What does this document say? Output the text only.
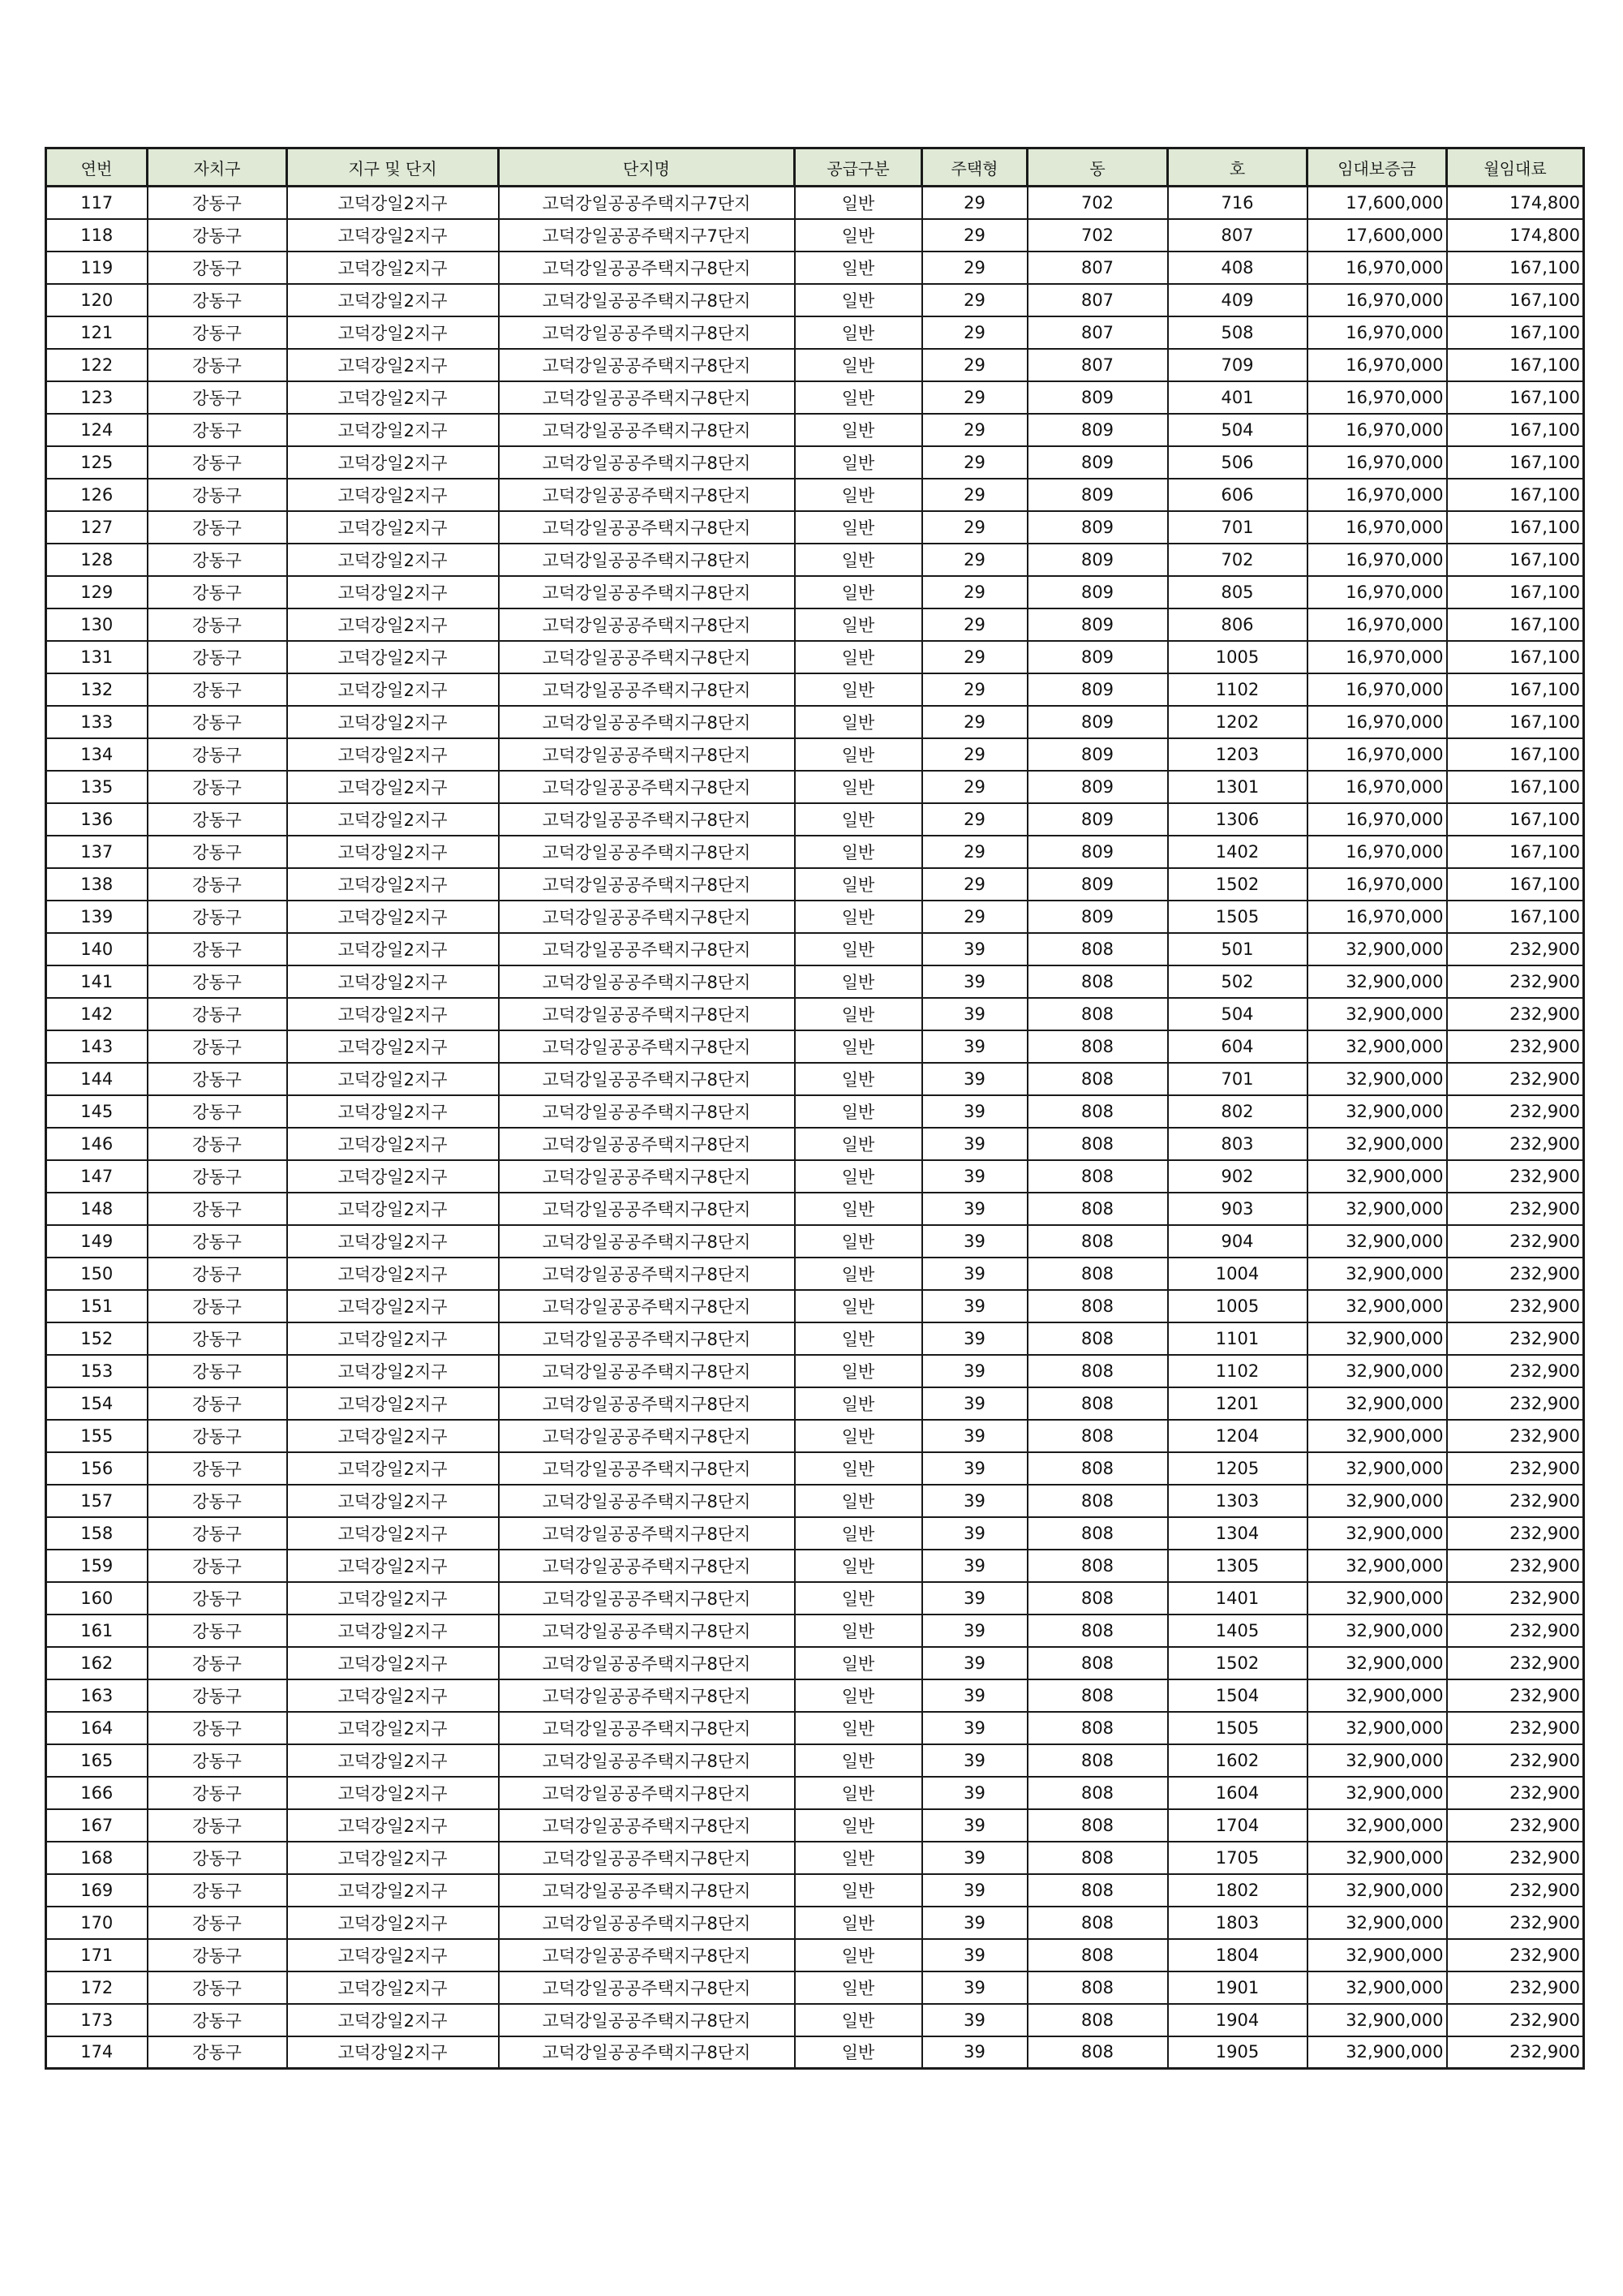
연번	자치구	지구 및 단지	단지명	공급구분	주택형	동	호	임대보증금	월임대료
117	강동구	고덕강일2지구	고덕강일공공주택지구7단지	일반	29	702	716	17,600,000	174,800
118	강동구	고덕강일2지구	고덕강일공공주택지구7단지	일반	29	702	807	17,600,000	174,800
119	강동구	고덕강일2지구	고덕강일공공주택지구8단지	일반	29	807	408	16,970,000	167,100
120	강동구	고덕강일2지구	고덕강일공공주택지구8단지	일반	29	807	409	16,970,000	167,100
121	강동구	고덕강일2지구	고덕강일공공주택지구8단지	일반	29	807	508	16,970,000	167,100
122	강동구	고덕강일2지구	고덕강일공공주택지구8단지	일반	29	807	709	16,970,000	167,100
123	강동구	고덕강일2지구	고덕강일공공주택지구8단지	일반	29	809	401	16,970,000	167,100
124	강동구	고덕강일2지구	고덕강일공공주택지구8단지	일반	29	809	504	16,970,000	167,100
125	강동구	고덕강일2지구	고덕강일공공주택지구8단지	일반	29	809	506	16,970,000	167,100
126	강동구	고덕강일2지구	고덕강일공공주택지구8단지	일반	29	809	606	16,970,000	167,100
127	강동구	고덕강일2지구	고덕강일공공주택지구8단지	일반	29	809	701	16,970,000	167,100
128	강동구	고덕강일2지구	고덕강일공공주택지구8단지	일반	29	809	702	16,970,000	167,100
129	강동구	고덕강일2지구	고덕강일공공주택지구8단지	일반	29	809	805	16,970,000	167,100
130	강동구	고덕강일2지구	고덕강일공공주택지구8단지	일반	29	809	806	16,970,000	167,100
131	강동구	고덕강일2지구	고덕강일공공주택지구8단지	일반	29	809	1005	16,970,000	167,100
132	강동구	고덕강일2지구	고덕강일공공주택지구8단지	일반	29	809	1102	16,970,000	167,100
133	강동구	고덕강일2지구	고덕강일공공주택지구8단지	일반	29	809	1202	16,970,000	167,100
134	강동구	고덕강일2지구	고덕강일공공주택지구8단지	일반	29	809	1203	16,970,000	167,100
135	강동구	고덕강일2지구	고덕강일공공주택지구8단지	일반	29	809	1301	16,970,000	167,100
136	강동구	고덕강일2지구	고덕강일공공주택지구8단지	일반	29	809	1306	16,970,000	167,100
137	강동구	고덕강일2지구	고덕강일공공주택지구8단지	일반	29	809	1402	16,970,000	167,100
138	강동구	고덕강일2지구	고덕강일공공주택지구8단지	일반	29	809	1502	16,970,000	167,100
139	강동구	고덕강일2지구	고덕강일공공주택지구8단지	일반	29	809	1505	16,970,000	167,100
140	강동구	고덕강일2지구	고덕강일공공주택지구8단지	일반	39	808	501	32,900,000	232,900
141	강동구	고덕강일2지구	고덕강일공공주택지구8단지	일반	39	808	502	32,900,000	232,900
142	강동구	고덕강일2지구	고덕강일공공주택지구8단지	일반	39	808	504	32,900,000	232,900
143	강동구	고덕강일2지구	고덕강일공공주택지구8단지	일반	39	808	604	32,900,000	232,900
144	강동구	고덕강일2지구	고덕강일공공주택지구8단지	일반	39	808	701	32,900,000	232,900
145	강동구	고덕강일2지구	고덕강일공공주택지구8단지	일반	39	808	802	32,900,000	232,900
146	강동구	고덕강일2지구	고덕강일공공주택지구8단지	일반	39	808	803	32,900,000	232,900
147	강동구	고덕강일2지구	고덕강일공공주택지구8단지	일반	39	808	902	32,900,000	232,900
148	강동구	고덕강일2지구	고덕강일공공주택지구8단지	일반	39	808	903	32,900,000	232,900
149	강동구	고덕강일2지구	고덕강일공공주택지구8단지	일반	39	808	904	32,900,000	232,900
150	강동구	고덕강일2지구	고덕강일공공주택지구8단지	일반	39	808	1004	32,900,000	232,900
151	강동구	고덕강일2지구	고덕강일공공주택지구8단지	일반	39	808	1005	32,900,000	232,900
152	강동구	고덕강일2지구	고덕강일공공주택지구8단지	일반	39	808	1101	32,900,000	232,900
153	강동구	고덕강일2지구	고덕강일공공주택지구8단지	일반	39	808	1102	32,900,000	232,900
154	강동구	고덕강일2지구	고덕강일공공주택지구8단지	일반	39	808	1201	32,900,000	232,900
155	강동구	고덕강일2지구	고덕강일공공주택지구8단지	일반	39	808	1204	32,900,000	232,900
156	강동구	고덕강일2지구	고덕강일공공주택지구8단지	일반	39	808	1205	32,900,000	232,900
157	강동구	고덕강일2지구	고덕강일공공주택지구8단지	일반	39	808	1303	32,900,000	232,900
158	강동구	고덕강일2지구	고덕강일공공주택지구8단지	일반	39	808	1304	32,900,000	232,900
159	강동구	고덕강일2지구	고덕강일공공주택지구8단지	일반	39	808	1305	32,900,000	232,900
160	강동구	고덕강일2지구	고덕강일공공주택지구8단지	일반	39	808	1401	32,900,000	232,900
161	강동구	고덕강일2지구	고덕강일공공주택지구8단지	일반	39	808	1405	32,900,000	232,900
162	강동구	고덕강일2지구	고덕강일공공주택지구8단지	일반	39	808	1502	32,900,000	232,900
163	강동구	고덕강일2지구	고덕강일공공주택지구8단지	일반	39	808	1504	32,900,000	232,900
164	강동구	고덕강일2지구	고덕강일공공주택지구8단지	일반	39	808	1505	32,900,000	232,900
165	강동구	고덕강일2지구	고덕강일공공주택지구8단지	일반	39	808	1602	32,900,000	232,900
166	강동구	고덕강일2지구	고덕강일공공주택지구8단지	일반	39	808	1604	32,900,000	232,900
167	강동구	고덕강일2지구	고덕강일공공주택지구8단지	일반	39	808	1704	32,900,000	232,900
168	강동구	고덕강일2지구	고덕강일공공주택지구8단지	일반	39	808	1705	32,900,000	232,900
169	강동구	고덕강일2지구	고덕강일공공주택지구8단지	일반	39	808	1802	32,900,000	232,900
170	강동구	고덕강일2지구	고덕강일공공주택지구8단지	일반	39	808	1803	32,900,000	232,900
171	강동구	고덕강일2지구	고덕강일공공주택지구8단지	일반	39	808	1804	32,900,000	232,900
172	강동구	고덕강일2지구	고덕강일공공주택지구8단지	일반	39	808	1901	32,900,000	232,900
173	강동구	고덕강일2지구	고덕강일공공주택지구8단지	일반	39	808	1904	32,900,000	232,900
174	강동구	고덕강일2지구	고덕강일공공주택지구8단지	일반	39	808	1905	32,900,000	232,900
